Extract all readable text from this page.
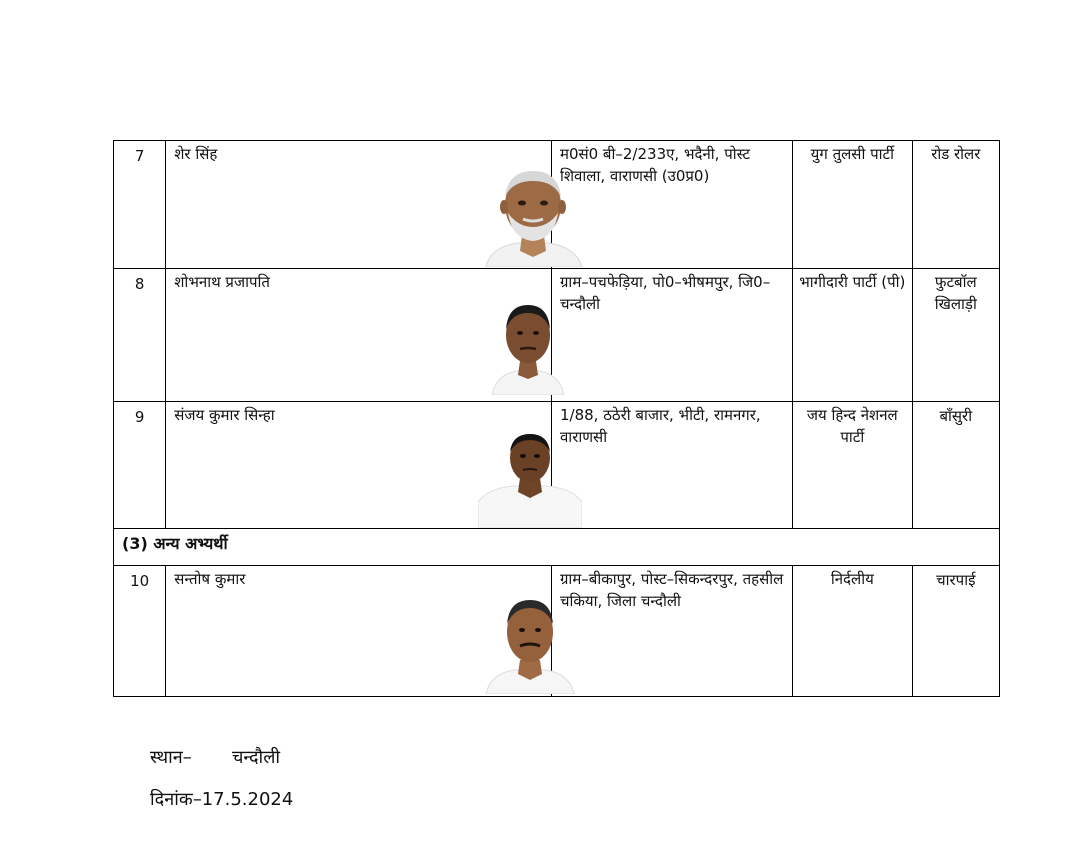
7	शेर सिंह	म0सं0 बी–2/233ए, भदैनी, पोस्ट शिवाला, वाराणसी (उ0प्र0)	युग तुलसी पार्टी	रोड रोलर
8	शोभनाथ प्रजापति	ग्राम–पचफेड़िया, पो0–भीषमपुर, जि0–चन्दौली	भागीदारी पार्टी (पी)	फुटबॉल खिलाड़ी
9	संजय कुमार सिन्हा	1/88, ठठेरी बाजार, भीटी, रामनगर, वाराणसी	जय हिन्द नेशनल पार्टी	बाँसुरी
(3) अन्य अभ्यर्थी				
10	सन्तोष कुमार	ग्राम–बीकापुर, पोस्ट–सिकन्दरपुर, तहसील चकिया, जिला चन्दौली	निर्दलीय	चारपाई
स्थान– चन्दौली
दिनांक–17.5.2024
